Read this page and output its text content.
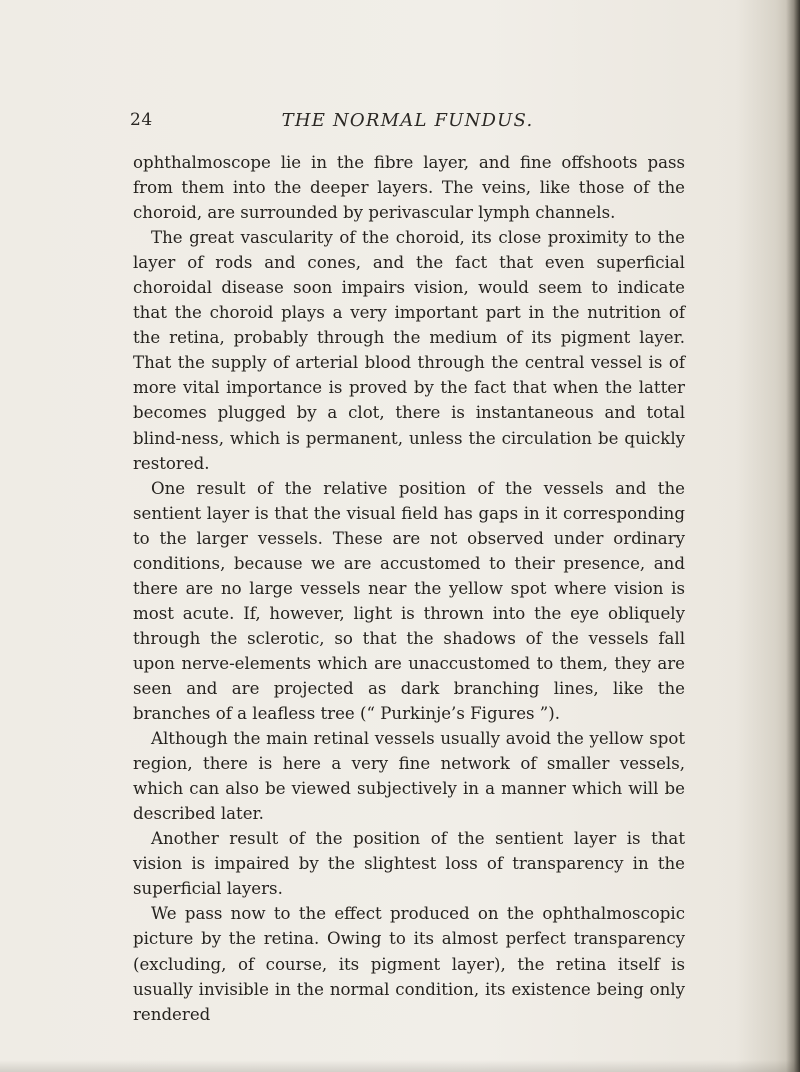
24	THE NORMAL FUNDUS.

ophthalmoscope lie in the fibre layer, and fine offshoots pass from them into the deeper layers. The veins, like those of the choroid, are surrounded by perivascular lymph channels.

The great vascularity of the choroid, its close proximity to the layer of rods and cones, and the fact that even superficial choroidal disease soon impairs vision, would seem to indicate that the choroid plays a very important part in the nutrition of the retina, probably through the medium of its pigment layer. That the supply of arterial blood through the central vessel is of more vital importance is proved by the fact that when the latter becomes plugged by a clot, there is instantaneous and total blind-ness, which is permanent, unless the circulation be quickly restored.

One result of the relative position of the vessels and the sentient layer is that the visual field has gaps in it corresponding to the larger vessels. These are not observed under ordinary conditions, because we are accustomed to their presence, and there are no large vessels near the yellow spot where vision is most acute. If, however, light is thrown into the eye obliquely through the sclerotic, so that the shadows of the vessels fall upon nerve-elements which are unaccustomed to them, they are seen and are projected as dark branching lines, like the branches of a leafless tree (“ Purkinje’s Figures ”).

Although the main retinal vessels usually avoid the yellow spot region, there is here a very fine network of smaller vessels, which can also be viewed subjectively in a manner which will be described later.

Another result of the position of the sentient layer is that vision is impaired by the slightest loss of transparency in the superficial layers.

We pass now to the effect produced on the ophthalmoscopic picture by the retina. Owing to its almost perfect transparency (excluding, of course, its pigment layer), the retina itself is usually invisible in the normal condition, its existence being only rendered
